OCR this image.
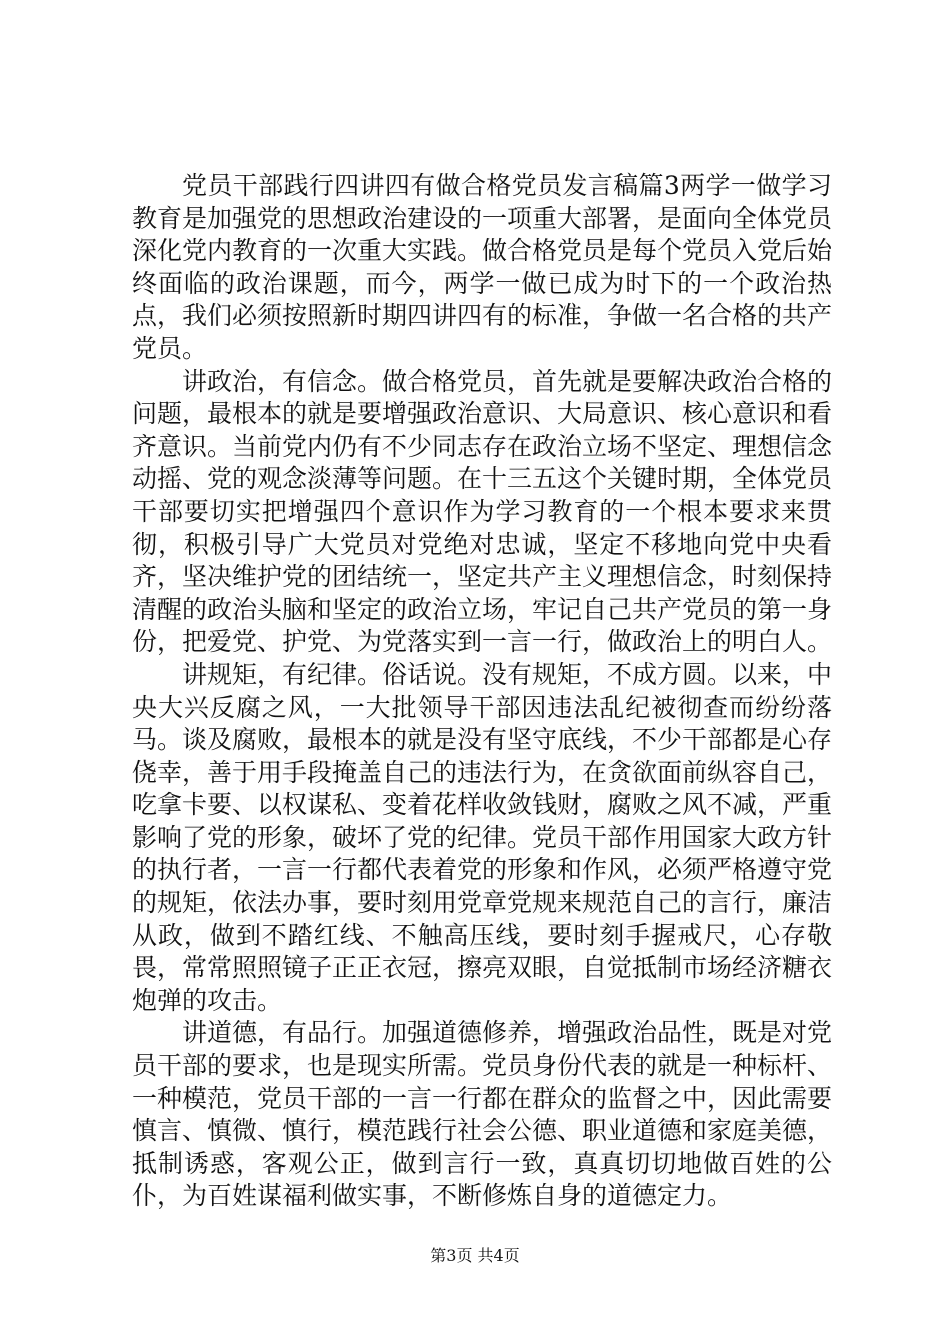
党员干部践行四讲四有做合格党员发言稿篇3两学一做学习教育是加强党的思想政治建设的一项重大部署，是面向全体党员深化党内教育的一次重大实践。做合格党员是每个党员入党后始终面临的政治课题，而今，两学一做已成为时下的一个政治热点，我们必须按照新时期四讲四有的标准，争做一名合格的共产党员。

讲政治，有信念。做合格党员，首先就是要解决政治合格的问题，最根本的就是要增强政治意识、大局意识、核心意识和看齐意识。当前党内仍有不少同志存在政治立场不坚定、理想信念动摇、党的观念淡薄等问题。在十三五这个关键时期，全体党员干部要切实把增强四个意识作为学习教育的一个根本要求来贯彻，积极引导广大党员对党绝对忠诚，坚定不移地向党中央看齐，坚决维护党的团结统一，坚定共产主义理想信念，时刻保持清醒的政治头脑和坚定的政治立场，牢记自己共产党员的第一身份，把爱党、护党、为党落实到一言一行，做政治上的明白人。

讲规矩，有纪律。俗话说。没有规矩，不成方圆。以来，中央大兴反腐之风，一大批领导干部因违法乱纪被彻查而纷纷落马。谈及腐败，最根本的就是没有坚守底线，不少干部都是心存侥幸，善于用手段掩盖自己的违法行为，在贪欲面前纵容自己，吃拿卡要、以权谋私、变着花样收敛钱财，腐败之风不减，严重影响了党的形象，破坏了党的纪律。党员干部作用国家大政方针的执行者，一言一行都代表着党的形象和作风，必须严格遵守党的规矩，依法办事，要时刻用党章党规来规范自己的言行，廉洁从政，做到不踏红线、不触高压线，要时刻手握戒尺，心存敬畏，常常照照镜子正正衣冠，擦亮双眼，自觉抵制市场经济糖衣炮弹的攻击。

讲道德，有品行。加强道德修养，增强政治品性，既是对党员干部的要求，也是现实所需。党员身份代表的就是一种标杆、一种模范，党员干部的一言一行都在群众的监督之中，因此需要慎言、慎微、慎行，模范践行社会公德、职业道德和家庭美德，抵制诱惑，客观公正，做到言行一致，真真切切地做百姓的公仆，为百姓谋福利做实事，不断修炼自身的道德定力。

第3页 共4页
